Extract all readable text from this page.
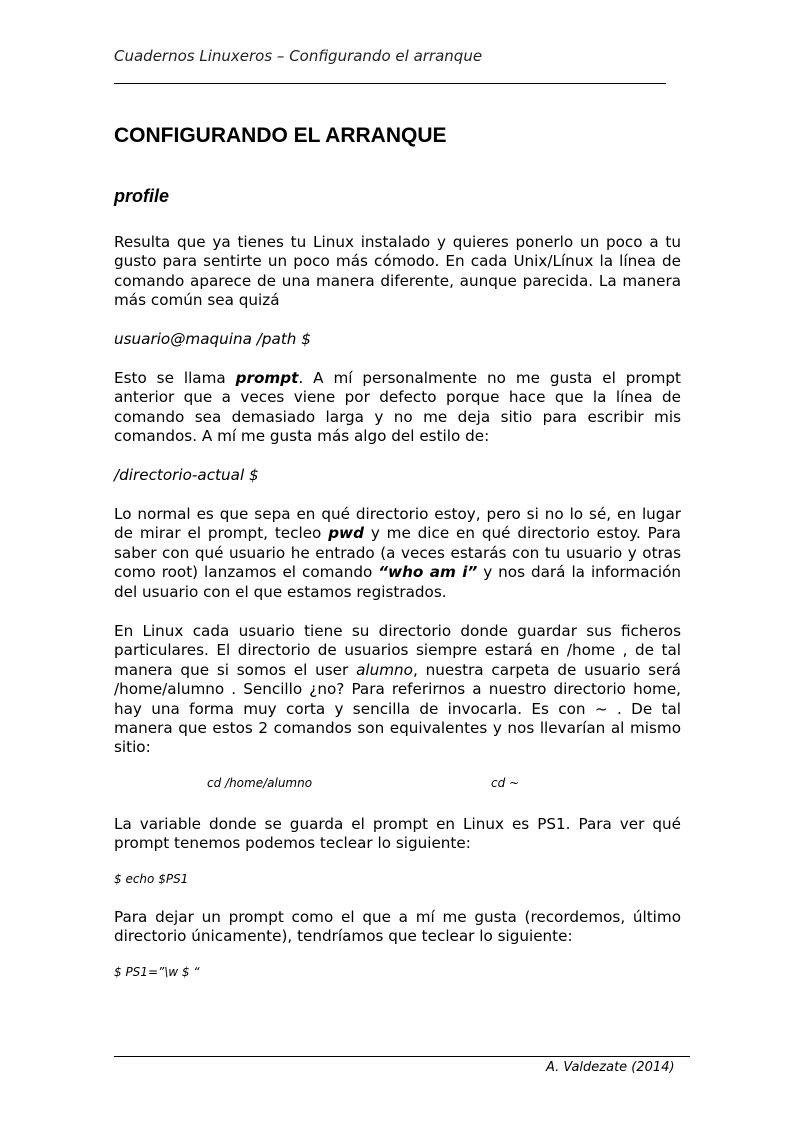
Cuadernos Linuxeros – Configurando el arranque
CONFIGURANDO EL ARRANQUE
profile

Resulta que ya tienes tu Linux instalado y quieres ponerlo un poco a tu gusto para sentirte un poco más cómodo. En cada Unix/Línux la línea de comando aparece de una manera diferente, aunque parecida. La manera más común sea quizá

usuario@maquina /path $

Esto se llama prompt. A mí personalmente no me gusta el prompt anterior que a veces viene por defecto porque hace que la línea de comando sea demasiado larga y no me deja sitio para escribir mis comandos. A mí me gusta más algo del estilo de:

/directorio-actual $

Lo normal es que sepa en qué directorio estoy, pero si no lo sé, en lugar de mirar el prompt, tecleo pwd y me dice en qué directorio estoy. Para saber con qué usuario he entrado (a veces estarás con tu usuario y otras como root) lanzamos el comando “who am i” y nos dará la información del usuario con el que estamos registrados.

En Linux cada usuario tiene su directorio donde guardar sus ficheros particulares. El directorio de usuarios siempre estará en /home , de tal manera que si somos el user alumno, nuestra carpeta de usuario será /home/alumno . Sencillo ¿no? Para referirnos a nuestro directorio home, hay una forma muy corta y sencilla de invocarla. Es con ~ . De tal manera que estos 2 comandos son equivalentes y nos llevarían al mismo sitio:

cd /home/alumno	cd ~

La variable donde se guarda el prompt en Linux es PS1. Para ver qué prompt tenemos podemos teclear lo siguiente:

$ echo $PS1

Para dejar un prompt como el que a mí me gusta (recordemos, último directorio únicamente), tendríamos que teclear lo siguiente:

$ PS1=”\w $ “

A. Valdezate (2014)
